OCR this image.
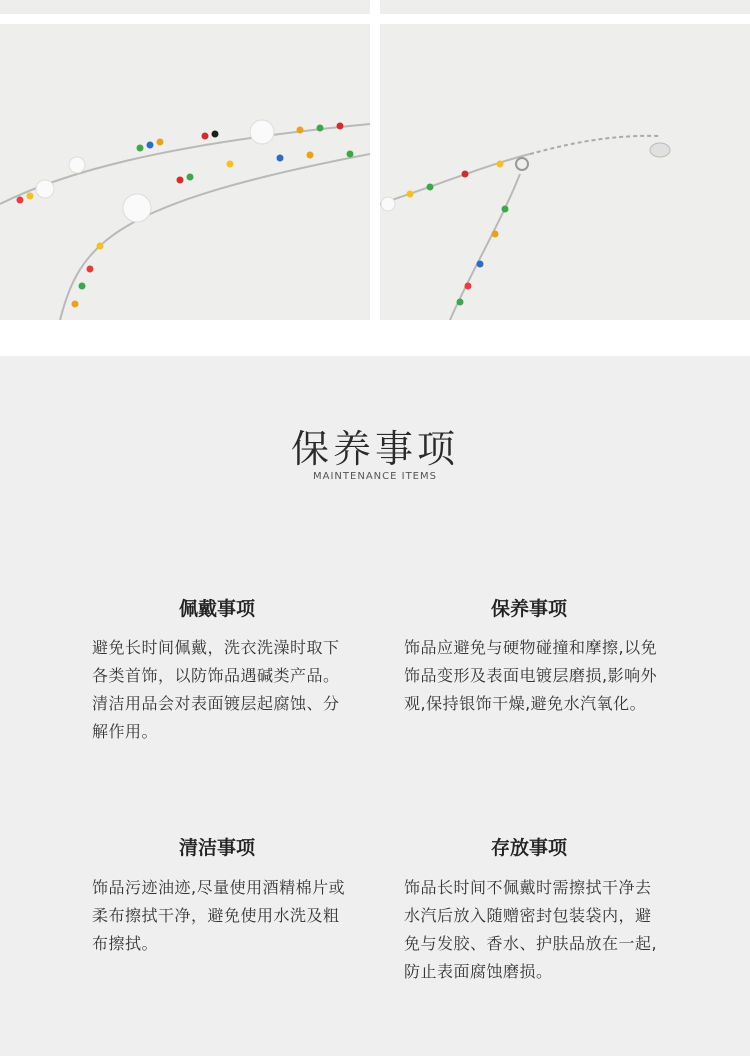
保养事项
MAINTENANCE ITEMS
佩戴事项
避免长时间佩戴，洗衣洗澡时取下各类首饰，以防饰品遇碱类产品。清洁用品会对表面镀层起腐蚀、分解作用。
保养事项
饰品应避免与硬物碰撞和摩擦,以免饰品变形及表面电镀层磨损,影响外观,保持银饰干燥,避免水汽氧化。
清洁事项
饰品污迹油迹,尽量使用酒精棉片或柔布擦拭干净，避免使用水洗及粗布擦拭。
存放事项
饰品长时间不佩戴时需擦拭干净去水汽后放入随赠密封包装袋内，避免与发胶、香水、护肤品放在一起,防止表面腐蚀磨损。
